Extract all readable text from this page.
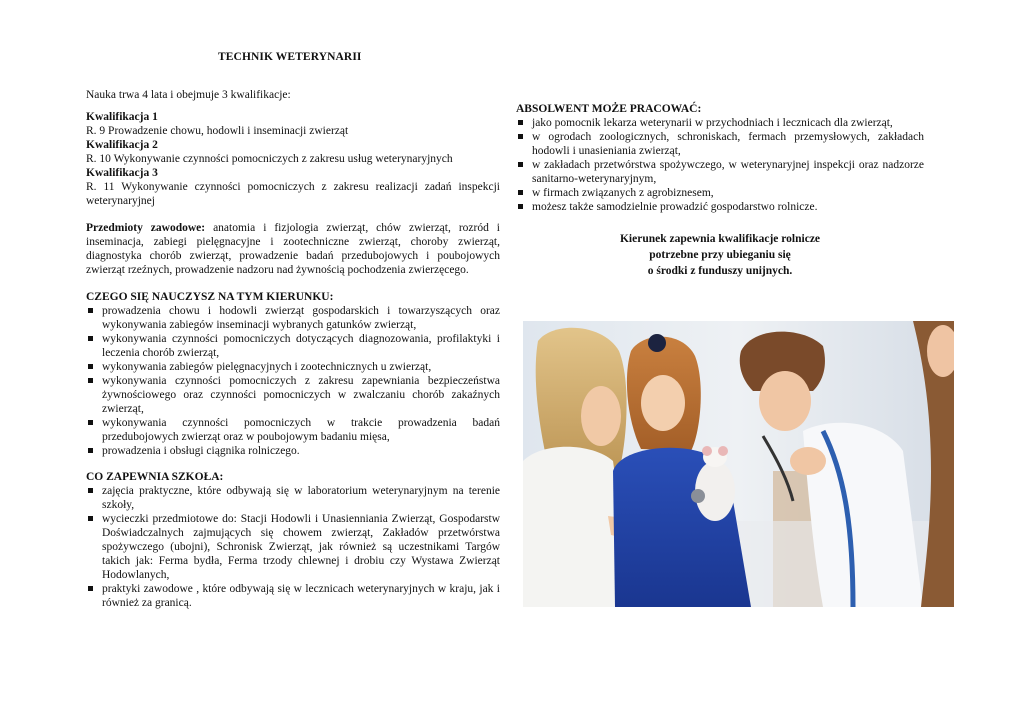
TECHNIK WETERYNARII

Nauka trwa 4 lata i obejmuje 3 kwalifikacje:

Kwalifikacja 1

R. 9 Prowadzenie chowu, hodowli i inseminacji zwierząt

Kwalifikacja 2

R. 10 Wykonywanie czynności pomocniczych z zakresu usług weterynaryjnych

Kwalifikacja 3

R. 11 Wykonywanie czynności pomocniczych z zakresu realizacji zadań inspekcji weterynaryjnej

Przedmioty zawodowe: anatomia i fizjologia zwierząt, chów zwierząt, rozród i inseminacja, zabiegi pielęgnacyjne i zootechniczne zwierząt, choroby zwierząt, diagnostyka chorób zwierząt, prowadzenie badań przedubojowych i poubojowych zwierząt rzeźnych, prowadzenie nadzoru nad żywnością pochodzenia zwierzęcego.

CZEGO SIĘ NAUCZYSZ NA TYM KIERUNKU:

prowadzenia chowu i hodowli zwierząt gospodarskich i towarzyszących oraz wykonywania zabiegów inseminacji wybranych gatunków zwierząt,
wykonywania czynności pomocniczych dotyczących diagnozowania, profilaktyki i leczenia chorób zwierząt,
wykonywania zabiegów pielęgnacyjnych i zootechnicznych u zwierząt,
wykonywania czynności pomocniczych z zakresu zapewniania bezpieczeństwa żywnościowego oraz czynności pomocniczych w zwalczaniu chorób zakaźnych zwierząt,
wykonywania czynności pomocniczych w trakcie prowadzenia badań przedubojowych zwierząt oraz w poubojowym badaniu mięsa,
prowadzenia i obsługi ciągnika rolniczego.

CO ZAPEWNIA SZKOŁA:

zajęcia praktyczne, które odbywają się w laboratorium weterynaryjnym na terenie szkoły,
wycieczki przedmiotowe do: Stacji Hodowli i Unasienniania Zwierząt, Gospodarstw Doświadczalnych zajmujących się chowem zwierząt, Zakładów przetwórstwa spożywczego (ubojni), Schronisk Zwierząt, jak również są uczestnikami Targów takich jak: Ferma bydła, Ferma trzody chlewnej i drobiu czy Wystawa Zwierząt Hodowlanych,
praktyki zawodowe , które odbywają się w lecznicach weterynaryjnych w kraju, jak i również za granicą.

ABSOLWENT MOŻE PRACOWAĆ:

jako pomocnik lekarza weterynarii w przychodniach i lecznicach dla zwierząt,
w ogrodach zoologicznych, schroniskach, fermach przemysłowych, zakładach hodowli i unasieniania zwierząt,
w zakładach przetwórstwa spożywczego, w weterynaryjnej inspekcji oraz nadzorze sanitarno-weterynaryjnym,
w firmach związanych z agrobiznesem,
możesz także samodzielnie prowadzić gospodarstwo rolnicze.

Kierunek zapewnia kwalifikacje rolnicze

potrzebne przy ubieganiu się

o środki z funduszy unijnych.
